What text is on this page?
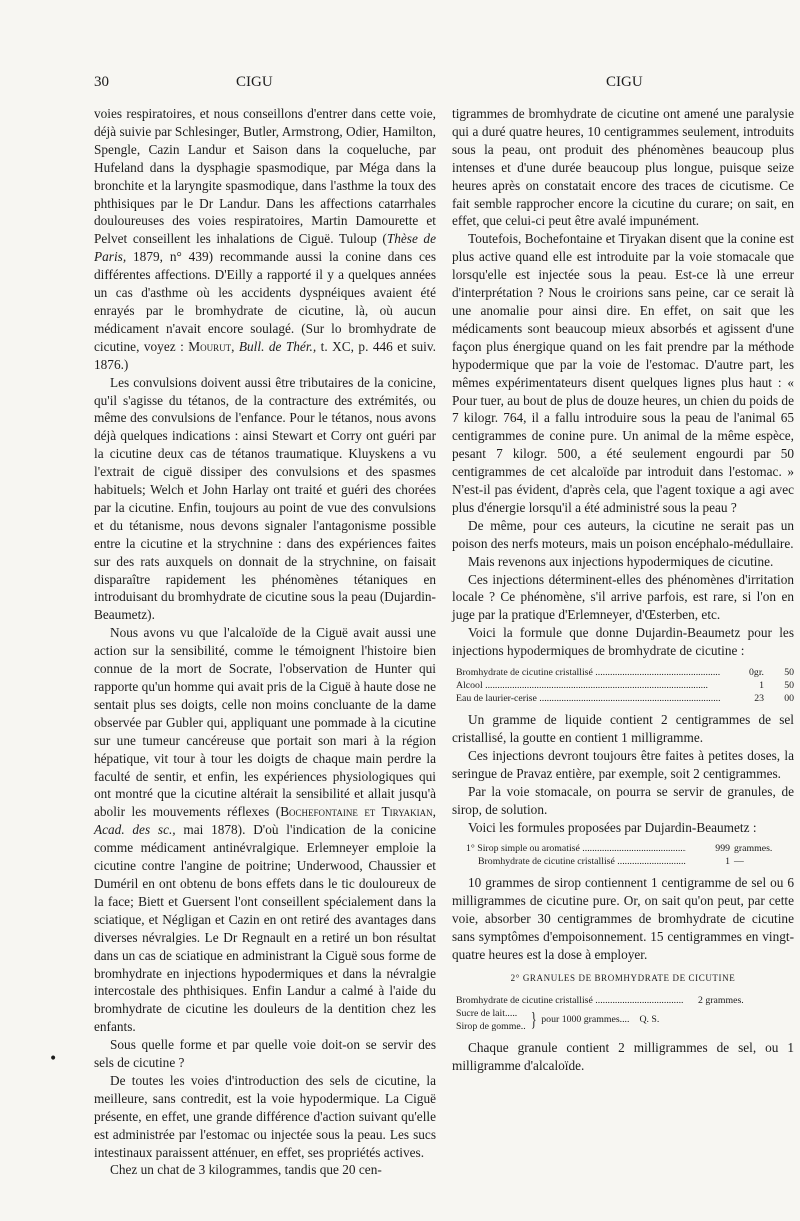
30	CIGU	CIGU
•

voies respiratoires, et nous conseillons d'entrer dans cette voie, déjà suivie par Schlesinger, Butler, Armstrong, Odier, Hamilton, Spengle, Cazin Landur et Saison dans la coqueluche, par Hufeland dans la dysphagie spasmodique, par Méga dans la bronchite et la laryngite spasmodique, dans l'asthme la toux des phthisiques par le Dr Landur. Dans les affections catarrhales douloureuses des voies respiratoires, Martin Damourette et Pelvet conseillent les inhalations de Ciguë. Tuloup (Thèse de Paris, 1879, n° 439) recommande aussi la conine dans ces différentes affections. D'Eilly a rapporté il y a quelques années un cas d'asthme où les accidents dyspnéiques avaient été enrayés par le bromhydrate de cicutine, là, où aucun médicament n'avait encore soulagé. (Sur lo bromhydrate de cicutine, voyez : Mourut, Bull. de Thér., t. XC, p. 446 et suiv. 1876.)

Les convulsions doivent aussi être tributaires de la conicine, qu'il s'agisse du tétanos, de la contracture des extrémités, ou même des convulsions de l'enfance. Pour le tétanos, nous avons déjà quelques indications : ainsi Stewart et Corry ont guéri par la cicutine deux cas de tétanos traumatique. Kluyskens a vu l'extrait de ciguë dissiper des convulsions et des spasmes habituels; Welch et John Harlay ont traité et guéri des chorées par la cicutine. Enfin, toujours au point de vue des convulsions et du tétanisme, nous devons signaler l'antagonisme possible entre la cicutine et la strychnine : dans des expériences faites sur des rats auxquels on donnait de la strychnine, on faisait disparaître rapidement les phénomènes tétaniques en introduisant du bromhydrate de cicutine sous la peau (Dujardin-Beaumetz).

Nous avons vu que l'alcaloïde de la Ciguë avait aussi une action sur la sensibilité, comme le témoignent l'histoire bien connue de la mort de Socrate, l'observation de Hunter qui rapporte qu'un homme qui avait pris de la Ciguë à haute dose ne sentait plus ses doigts, celle non moins concluante de la dame observée par Gubler qui, appliquant une pommade à la cicutine sur une tumeur cancéreuse que portait son mari à la région hépatique, vit tour à tour les doigts de chaque main perdre la faculté de sentir, et enfin, les expériences physiologiques qui ont montré que la cicutine altérait la sensibilité et allait jusqu'à abolir les mouvements réflexes (Bochefontaine et Tiryakian, Acad. des sc., mai 1878). D'où l'indication de la conicine comme médicament antinévralgique. Erlemneyer emploie la cicutine contre l'angine de poitrine; Underwood, Chaussier et Duméril en ont obtenu de bons effets dans le tic douloureux de la face; Biett et Guersent l'ont conseillent spécialement dans la sciatique, et Négligan et Cazin en ont retiré des avantages dans diverses névralgies. Le Dr Regnault en a retiré un bon résultat dans un cas de sciatique en administrant la Ciguë sous forme de bromhydrate en injections hypodermiques et dans la névralgie intercostale des phthisiques. Enfin Landur a calmé à l'aide du bromhydrate de cicutine les douleurs de la dentition chez les enfants.

Sous quelle forme et par quelle voie doit-on se servir des sels de cicutine ?

De toutes les voies d'introduction des sels de cicutine, la meilleure, sans contredit, est la voie hypodermique. La Ciguë présente, en effet, une grande différence d'action suivant qu'elle est administrée par l'estomac ou injectée sous la peau. Les sucs intestinaux paraissent atténuer, en effet, ses propriétés actives.

Chez un chat de 3 kilogrammes, tandis que 20 cen-

tigrammes de bromhydrate de cicutine ont amené une paralysie qui a duré quatre heures, 10 centigrammes seulement, introduits sous la peau, ont produit des phénomènes beaucoup plus intenses et d'une durée beaucoup plus longue, puisque seize heures après on constatait encore des traces de cicutisme. Ce fait semble rapprocher encore la cicutine du curare; on sait, en effet, que celui-ci peut être avalé impunément.

Toutefois, Bochefontaine et Tiryakan disent que la conine est plus active quand elle est introduite par la voie stomacale que lorsqu'elle est injectée sous la peau. Est-ce là une erreur d'interprétation ? Nous le croirions sans peine, car ce serait là une anomalie pour ainsi dire. En effet, on sait que les médicaments sont beaucoup mieux absorbés et agissent d'une façon plus énergique quand on les fait prendre par la méthode hypodermique que par la voie de l'estomac. D'autre part, les mêmes expérimentateurs disent quelques lignes plus haut : « Pour tuer, au bout de plus de douze heures, un chien du poids de 7 kilogr. 764, il a fallu introduire sous la peau de l'animal 65 centigrammes de conine pure. Un animal de la même espèce, pesant 7 kilogr. 500, a été seulement engourdi par 50 centigrammes de cet alcaloïde par introduit dans l'estomac. » N'est-il pas évident, d'après cela, que l'agent toxique a agi avec plus d'énergie lorsqu'il a été administré sous la peau ?

De même, pour ces auteurs, la cicutine ne serait pas un poison des nerfs moteurs, mais un poison encéphalo-médullaire.

Mais revenons aux injections hypodermiques de cicutine.

Ces injections déterminent-elles des phénomènes d'irritation locale ? Ce phénomène, s'il arrive parfois, est rare, si l'on en juge par la pratique d'Erlemneyer, d'Œsterben, etc.

Voici la formule que donne Dujardin-Beaumetz pour les injections hypodermiques de bromhydrate de cicutine :

Bromhydrate de cicutine cristallisé .....	0gr.	50
Alcool .....	1	50
Eau de laurier-cerise .....	23	00

Un gramme de liquide contient 2 centigrammes de sel cristallisé, la goutte en contient 1 milligramme.

Ces injections devront toujours être faites à petites doses, la seringue de Pravaz entière, par exemple, soit 2 centigrammes.

Par la voie stomacale, on pourra se servir de granules, de sirop, de solution.

Voici les formules proposées par Dujardin-Beaumetz :

1° Sirop simple ou aromatisé .....	999 grammes.
Bromhydrate de cicutine cristallisé .....	1 —

10 grammes de sirop contiennent 1 centigramme de sel ou 6 milligrammes de cicutine pure. Or, on sait qu'on peut, par cette voie, absorber 30 centigrammes de bromhydrate de cicutine sans symptômes d'empoisonnement. 15 centigrammes en vingt-quatre heures est la dose à employer.

2° GRANULES DE BROMHYDRATE DE CICUTINE
Bromhydrate de cicutine cristallisé .....	2 grammes.
Sucre de lait.....
Sirop de gomme.. } pour 1000 grammes....	Q. S.

Chaque granule contient 2 milligrammes de sel, ou 1 milligramme d'alcaloïde.
